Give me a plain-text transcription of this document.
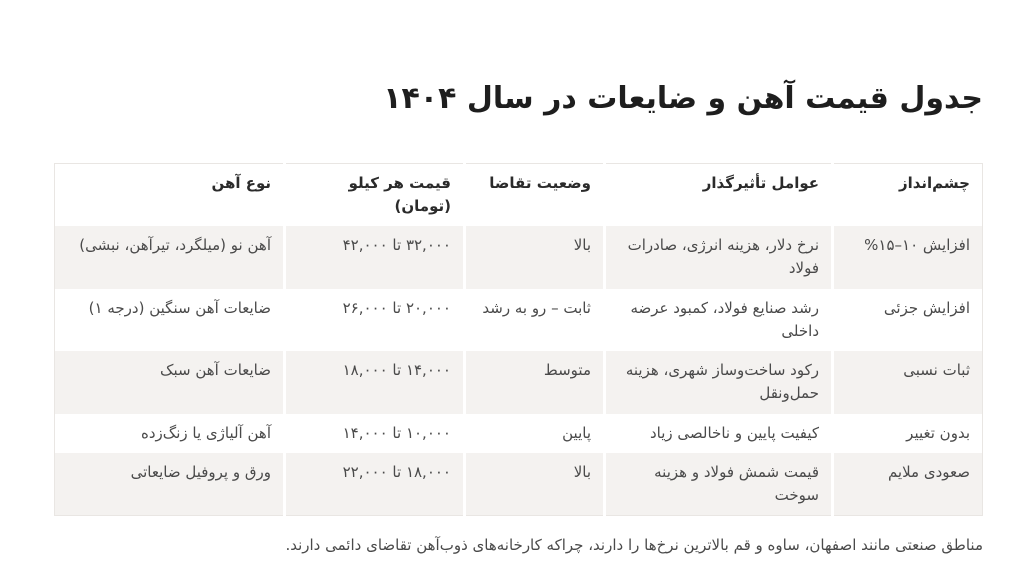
جدول قیمت آهن و ضایعات در سال ۱۴۰۴
چشم‌انداز	عوامل تأثیرگذار	وضعیت تقاضا	قیمت هر کیلو (تومان)	نوع آهن
افزایش ۱۰–۱۵%	نرخ دلار، هزینه انرژی، صادرات فولاد	بالا	۳۲,۰۰۰ تا ۴۲,۰۰۰	آهن نو (میلگرد، تیرآهن، نبشی)
افزایش جزئی	رشد صنایع فولاد، کمبود عرضه داخلی	ثابت – رو به رشد	۲۰,۰۰۰ تا ۲۶,۰۰۰	ضایعات آهن سنگین (درجه ۱)
ثبات نسبی	رکود ساخت‌وساز شهری، هزینه حمل‌ونقل	متوسط	۱۴,۰۰۰ تا ۱۸,۰۰۰	ضایعات آهن سبک
بدون تغییر	کیفیت پایین و ناخالصی زیاد	پایین	۱۰,۰۰۰ تا ۱۴,۰۰۰	آهن آلیاژی یا زنگ‌زده
صعودی ملایم	قیمت شمش فولاد و هزینه سوخت	بالا	۱۸,۰۰۰ تا ۲۲,۰۰۰	ورق و پروفیل ضایعاتی

مناطق صنعتی مانند اصفهان، ساوه و قم بالاترین نرخ‌ها را دارند، چراکه کارخانه‌های ذوب‌آهن تقاضای دائمی دارند.
